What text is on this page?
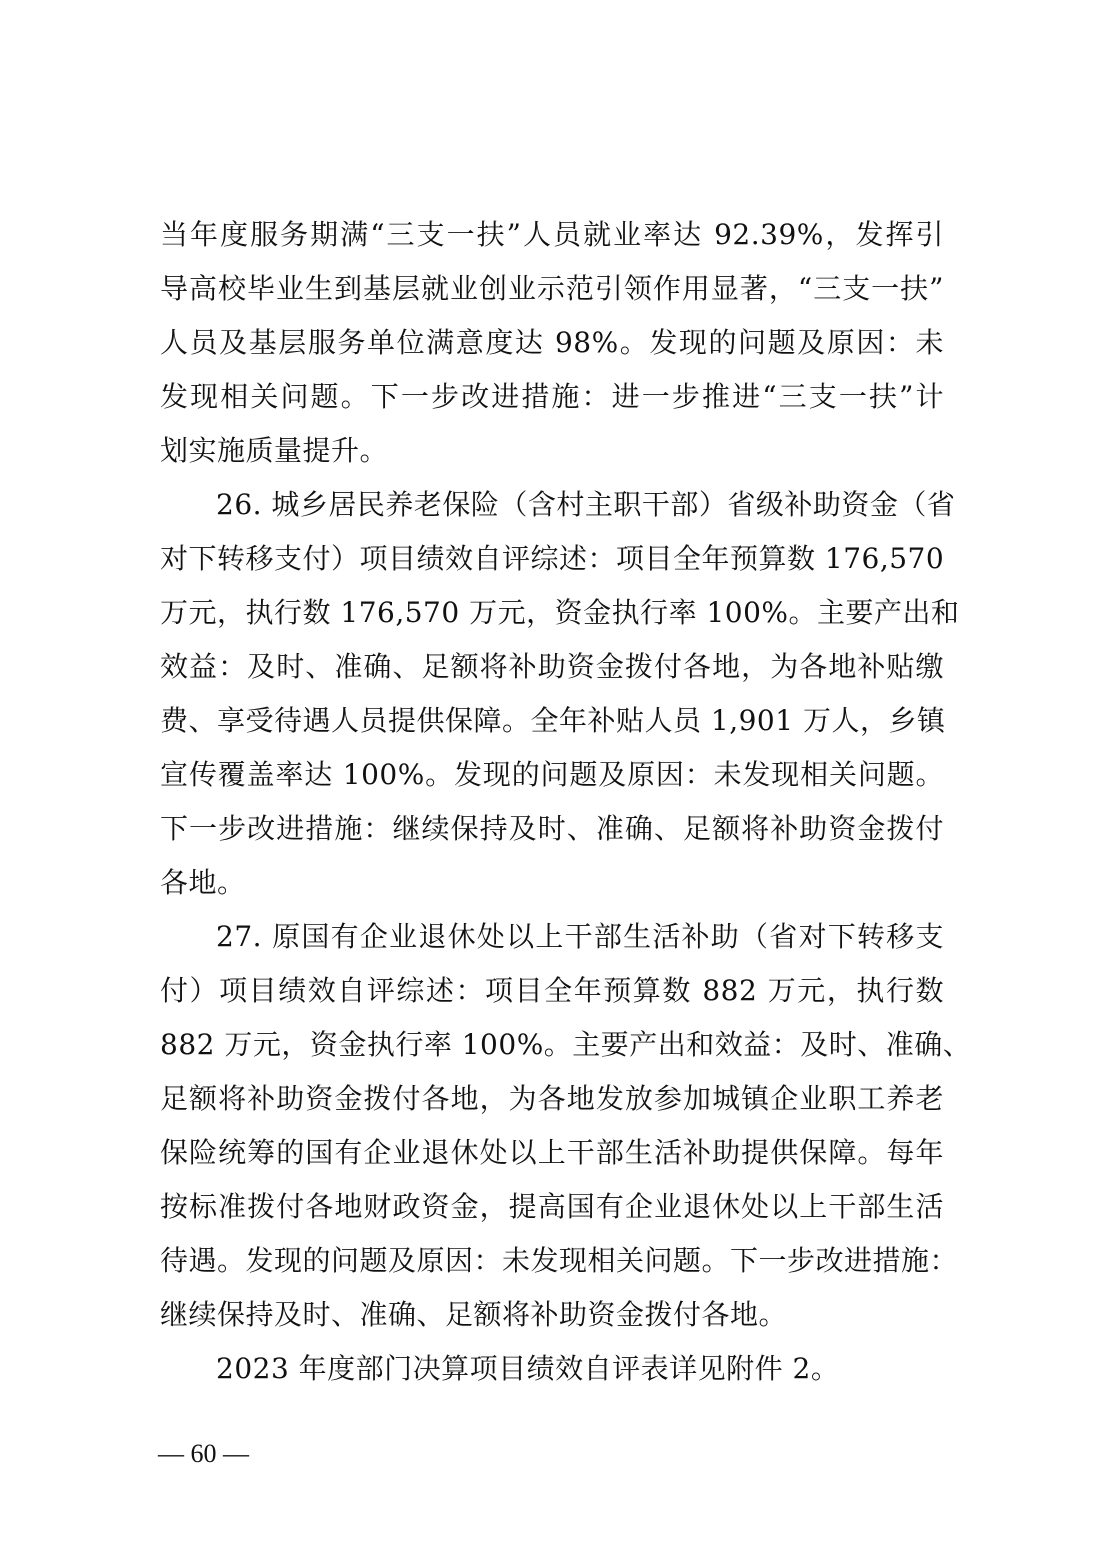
当年度服务期满“三支一扶”人员就业率达 92.39%，发挥引
导高校毕业生到基层就业创业示范引领作用显著，“三支一扶”
人员及基层服务单位满意度达 98%。发现的问题及原因：未
发现相关问题。下一步改进措施：进一步推进“三支一扶”计
划实施质量提升。
26. 城乡居民养老保险（含村主职干部）省级补助资金（省
对下转移支付）项目绩效自评综述：项目全年预算数 176,570
万元，执行数 176,570 万元，资金执行率 100%。主要产出和
效益：及时、准确、足额将补助资金拨付各地，为各地补贴缴
费、享受待遇人员提供保障。全年补贴人员 1,901 万人，乡镇
宣传覆盖率达 100%。发现的问题及原因：未发现相关问题。
下一步改进措施：继续保持及时、准确、足额将补助资金拨付
各地。
27. 原国有企业退休处以上干部生活补助（省对下转移支
付）项目绩效自评综述：项目全年预算数 882 万元，执行数
882 万元，资金执行率 100%。主要产出和效益：及时、准确、
足额将补助资金拨付各地，为各地发放参加城镇企业职工养老
保险统筹的国有企业退休处以上干部生活补助提供保障。每年
按标准拨付各地财政资金，提高国有企业退休处以上干部生活
待遇。发现的问题及原因：未发现相关问题。下一步改进措施：
继续保持及时、准确、足额将补助资金拨付各地。
2023 年度部门决算项目绩效自评表详见附件 2。
— 60 —
